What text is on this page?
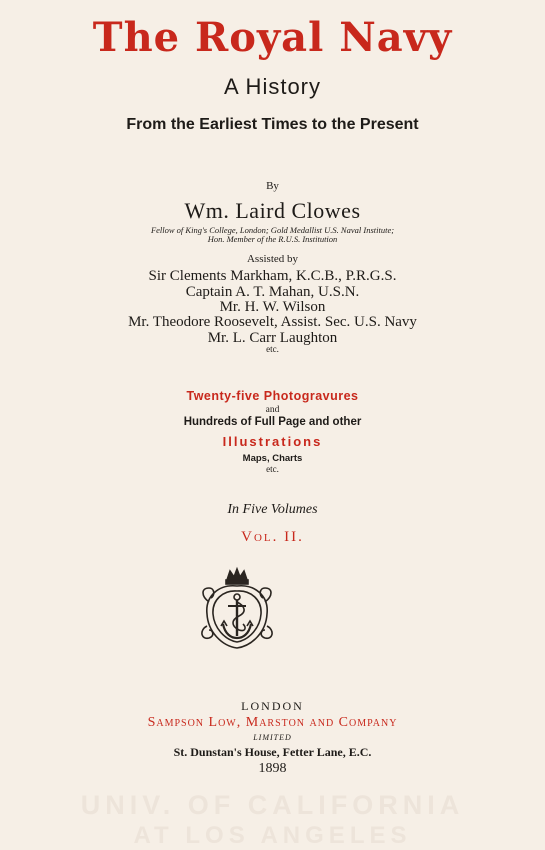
The Royal Navy
A History
From the Earliest Times to the Present
By
Wm. Laird Clowes
Fellow of King's College, London; Gold Medallist U.S. Naval Institute;
Hon. Member of the R.U.S. Institution
Assisted by
Sir Clements Markham, K.C.B., P.R.G.S.
Captain A. T. Mahan, U.S.N.
Mr. H. W. Wilson
Mr. Theodore Roosevelt, Assist. Sec. U.S. Navy
Mr. L. Carr Laughton
etc.
Twenty-five Photogravures
and
Hundreds of Full Page and other
Illustrations
Maps, Charts
etc.
In Five Volumes
Vol. II.
LONDON
Sampson Low, Marston and Company
LIMITED
St. Dunstan's House, Fetter Lane, E.C.
1898
UNIV. OF CALIFORNIA
AT LOS ANGELES
